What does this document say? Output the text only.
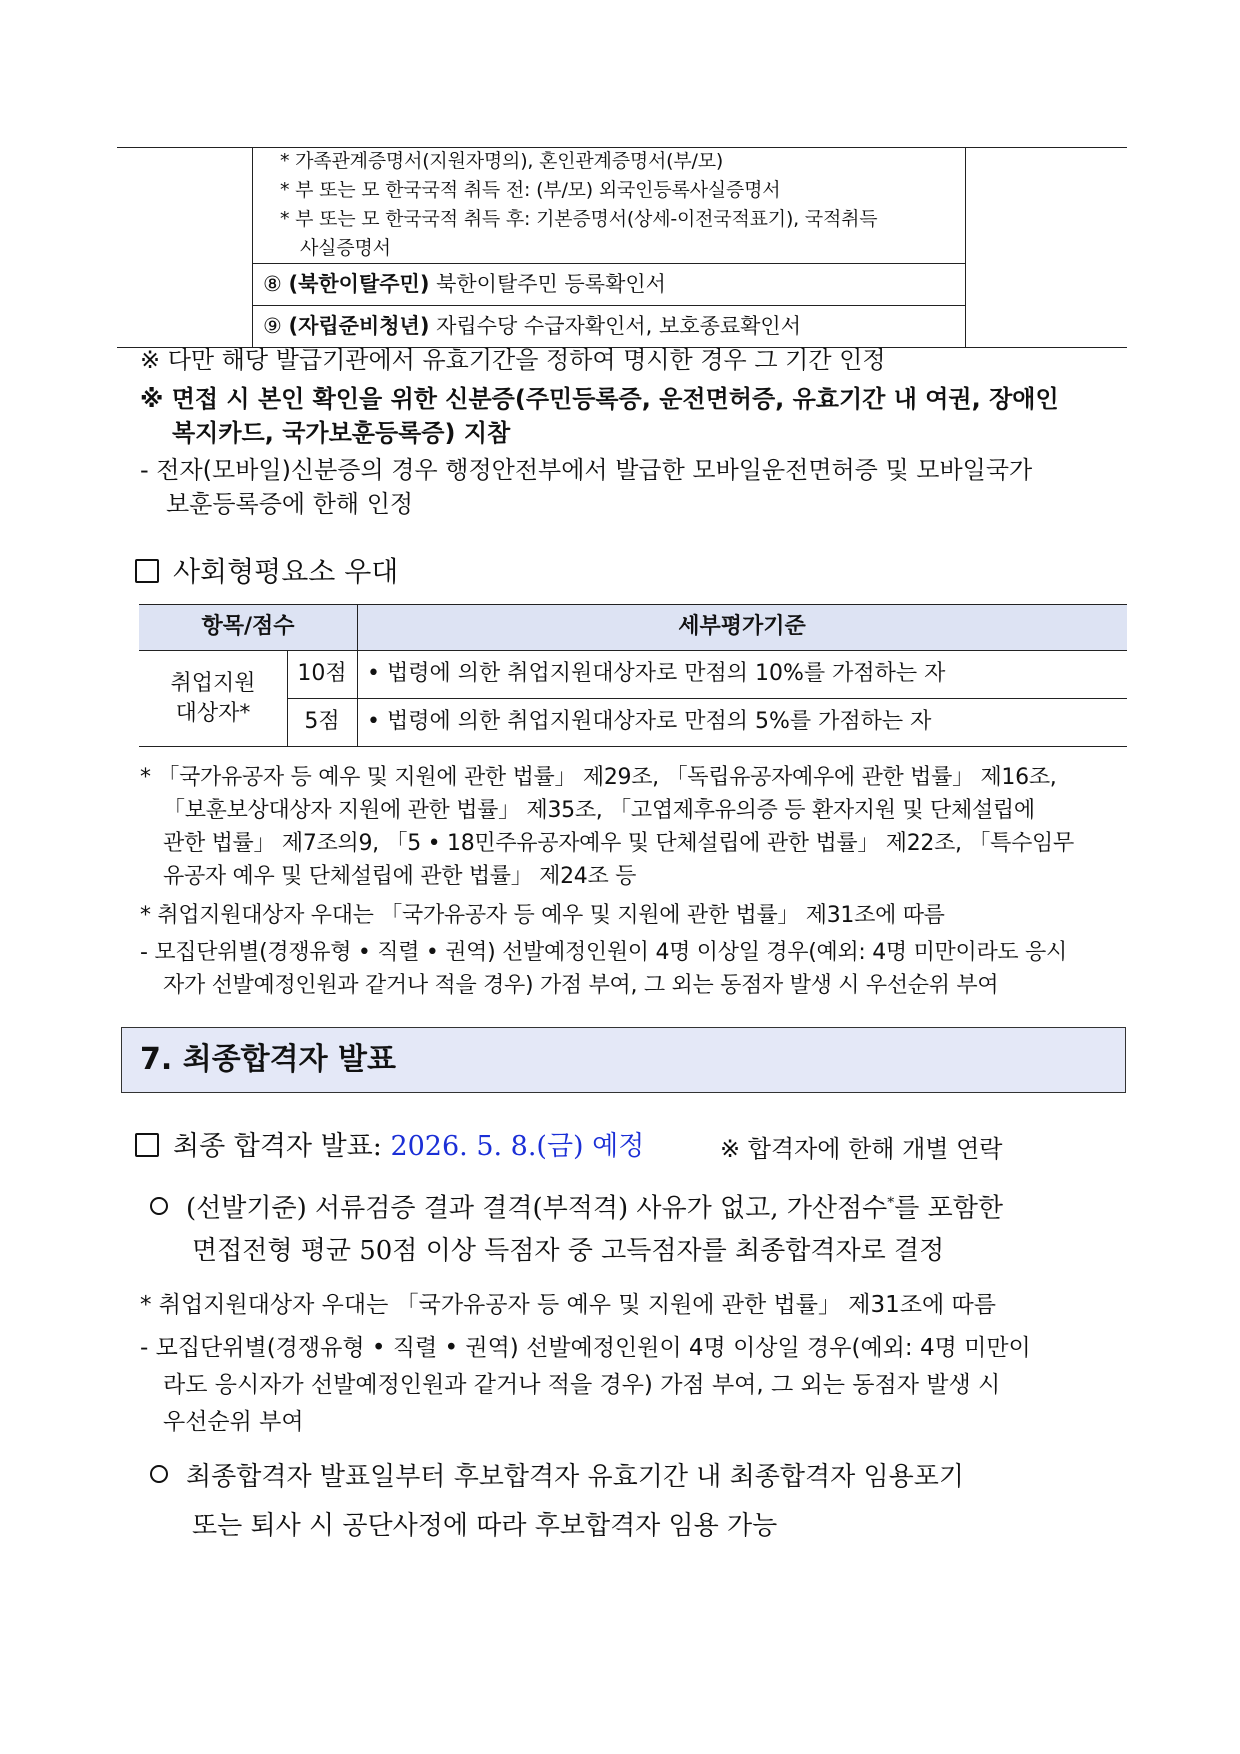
* 가족관계증명서(지원자명의), 혼인관계증명서(부/모)
* 부 또는 모 한국국적 취득 전: (부/모) 외국인등록사실증명서
* 부 또는 모 한국국적 취득 후: 기본증명서(상세-이전국적표기), 국적취득
사실증명서
⑧ (북한이탈주민) 북한이탈주민 등록확인서
⑨ (자립준비청년) 자립수당 수급자확인서, 보호종료확인서
※ 다만 해당 발급기관에서 유효기간을 정하여 명시한 경우 그 기간 인정
※ 면접 시 본인 확인을 위한 신분증(주민등록증, 운전면허증, 유효기간 내 여권, 장애인
복지카드, 국가보훈등록증) 지참
- 전자(모바일)신분증의 경우 행정안전부에서 발급한 모바일운전면허증 및 모바일국가
보훈등록증에 한해 인정
사회형평요소 우대
항목/점수	세부평가기준
취업지원
대상자*
10점
5점
• 법령에 의한 취업지원대상자로 만점의 10%를 가점하는 자
• 법령에 의한 취업지원대상자로 만점의 5%를 가점하는 자
* 「국가유공자 등 예우 및 지원에 관한 법률」 제29조, 「독립유공자예우에 관한 법률」 제16조,
「보훈보상대상자 지원에 관한 법률」 제35조, 「고엽제후유의증 등 환자지원 및 단체설립에
관한 법률」 제7조의9, 「5 • 18민주유공자예우 및 단체설립에 관한 법률」 제22조, 「특수임무
유공자 예우 및 단체설립에 관한 법률」 제24조 등
* 취업지원대상자 우대는 「국가유공자 등 예우 및 지원에 관한 법률」 제31조에 따름
- 모집단위별(경쟁유형 • 직렬 • 권역) 선발예정인원이 4명 이상일 경우(예외: 4명 미만이라도 응시
자가 선발예정인원과 같거나 적을 경우) 가점 부여, 그 외는 동점자 발생 시 우선순위 부여
7. 최종합격자 발표
최종 합격자 발표: 2026. 5. 8.(금) 예정	※ 합격자에 한해 개별 연락
(선발기준) 서류검증 결과 결격(부적격) 사유가 없고, 가산점수*를 포함한
면접전형 평균 50점 이상 득점자 중 고득점자를 최종합격자로 결정
* 취업지원대상자 우대는 「국가유공자 등 예우 및 지원에 관한 법률」 제31조에 따름
- 모집단위별(경쟁유형 • 직렬 • 권역) 선발예정인원이 4명 이상일 경우(예외: 4명 미만이
라도 응시자가 선발예정인원과 같거나 적을 경우) 가점 부여, 그 외는 동점자 발생 시
우선순위 부여
최종합격자 발표일부터 후보합격자 유효기간 내 최종합격자 임용포기
또는 퇴사 시 공단사정에 따라 후보합격자 임용 가능
